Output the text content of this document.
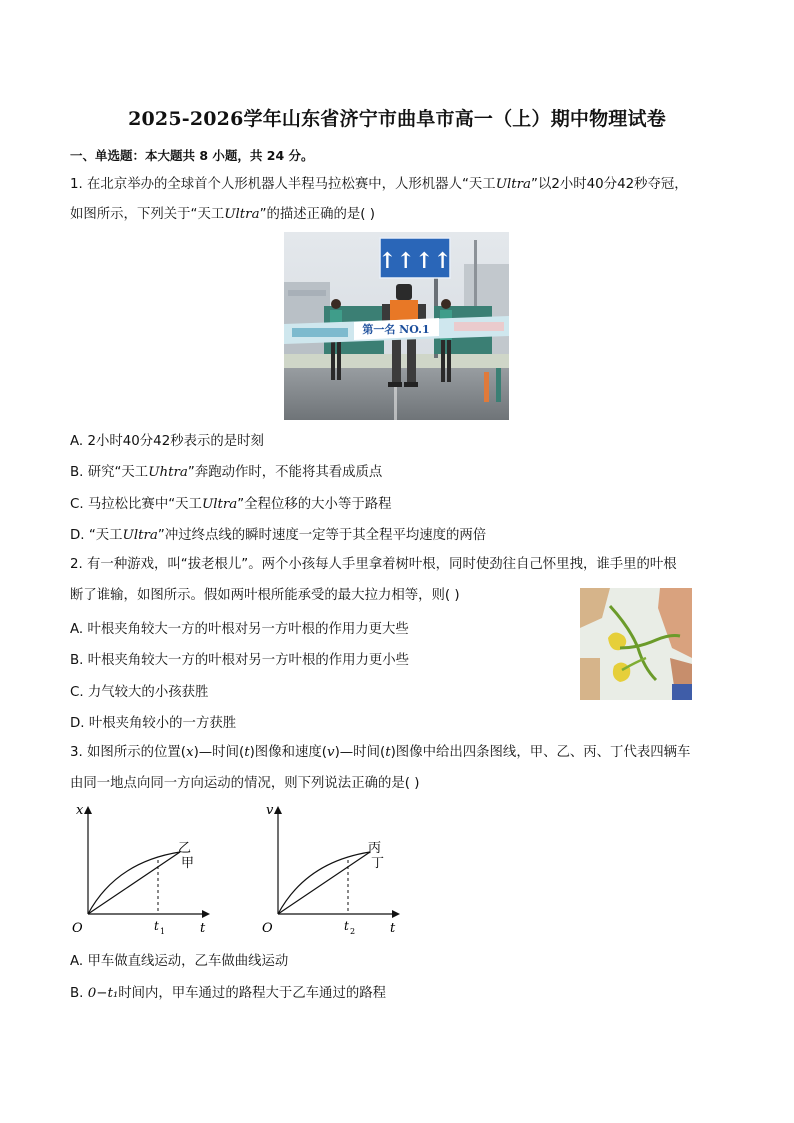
2025-2026学年山东省济宁市曲阜市高一（上）期中物理试卷
一、单选题：本大题共 8 小题，共 24 分。
1. 在北京举办的全球首个人形机器人半程马拉松赛中，人形机器人“天工Ultra”以2小时40分42秒夺冠，
如图所示，下列关于“天工Ultra”的描述正确的是( )
↑↑↑↑
第一名 NO.1
A. 2小时40分42秒表示的是时刻
B. 研究“天工Uhtra”奔跑动作时，不能将其看成质点
C. 马拉松比赛中“天工Ultra”全程位移的大小等于路程
D. “天工Ultra”冲过终点线的瞬时速度一定等于其全程平均速度的两倍
2. 有一种游戏，叫“拔老根儿”。两个小孩每人手里拿着树叶根，同时使劲往自己怀里拽，谁手里的叶根
断了谁输，如图所示。假如两叶根所能承受的最大拉力相等，则( )
A. 叶根夹角较大一方的叶根对另一方叶根的作用力更大些
B. 叶根夹角较大一方的叶根对另一方叶根的作用力更小些
C. 力气较大的小孩获胜
D. 叶根夹角较小的一方获胜
3. 如图所示的位置(x)—时间(t)图像和速度(v)—时间(t)图像中给出四条图线，甲、乙、丙、丁代表四辆车
由同一地点向同一方向运动的情况，则下列说法正确的是( )
x
t
O	t 1
乙
甲
v
t
O	t 2
丙
丁
A. 甲车做直线运动，乙车做曲线运动
B. 0−t₁时间内，甲车通过的路程大于乙车通过的路程
